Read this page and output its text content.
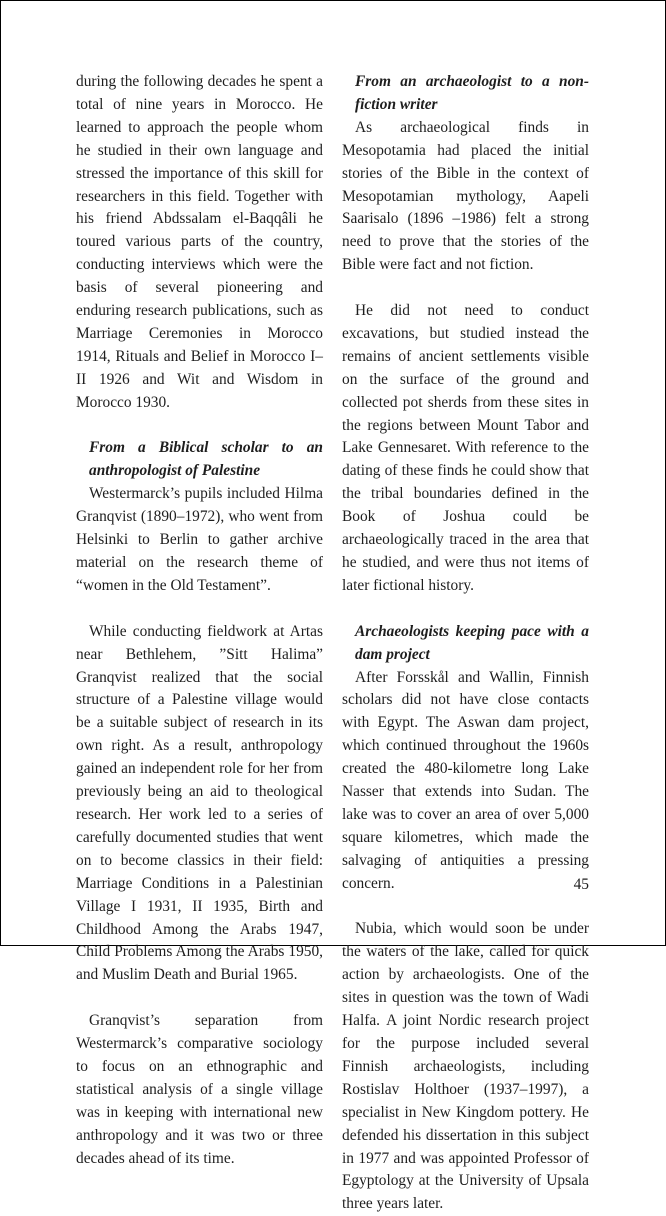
during the following decades he spent a total of nine years in Morocco. He learned to approach the people whom he studied in their own language and stressed the importance of this skill for researchers in this field. Together with his friend Abdssalam el-Baqqâli he toured various parts of the country, conducting interviews which were the basis of several pioneering and enduring research publications, such as Marriage Ceremonies in Morocco 1914, Rituals and Belief in Morocco I–II 1926 and Wit and Wisdom in Morocco 1930.

From a Biblical scholar to an anthropologist of Palestine

Westermarck’s pupils included Hilma Granqvist (1890–1972), who went from Helsinki to Berlin to gather archive material on the research theme of “women in the Old Testament”.

While conducting fieldwork at Artas near Bethlehem, ”Sitt Halima” Granqvist realized that the social structure of a Palestine village would be a suitable subject of research in its own right. As a result, anthropology gained an independent role for her from previously being an aid to theological research. Her work led to a series of carefully documented studies that went on to become classics in their field: Marriage Conditions in a Palestinian Village I 1931, II 1935, Birth and Childhood Among the Arabs 1947, Child Problems Among the Arabs 1950, and Muslim Death and Burial 1965.

Granqvist’s separation from Westermarck’s comparative sociology to focus on an ethnographic and statistical analysis of a single village was in keeping with international new anthropology and it was two or three decades ahead of its time.

From an archaeologist to a non-fiction writer

As archaeological finds in Mesopotamia had placed the initial stories of the Bible in the context of Mesopotamian mythology, Aapeli Saarisalo (1896 –1986) felt a strong need to prove that the stories of the Bible were fact and not fiction.

He did not need to conduct excavations, but studied instead the remains of ancient settlements visible on the surface of the ground and collected pot sherds from these sites in the regions between Mount Tabor and Lake Gennesaret. With reference to the dating of these finds he could show that the tribal boundaries defined in the Book of Joshua could be archaeologically traced in the area that he studied, and were thus not items of later fictional history.

Archaeologists keeping pace with a dam project

After Forsskål and Wallin, Finnish scholars did not have close contacts with Egypt. The Aswan dam project, which continued throughout the 1960s created the 480-kilometre long Lake Nasser that extends into Sudan. The lake was to cover an area of over 5,000 square kilometres, which made the salvaging of antiquities a pressing concern.

Nubia, which would soon be under the waters of the lake, called for quick action by archaeologists. One of the sites in question was the town of Wadi Halfa. A joint Nordic research project for the purpose included several Finnish archaeologists, including Rostislav Holthoer (1937–1997), a specialist in New Kingdom pottery. He defended his dissertation in this subject in 1977 and was appointed Professor of Egyptology at the University of Upsala three years later.

45
